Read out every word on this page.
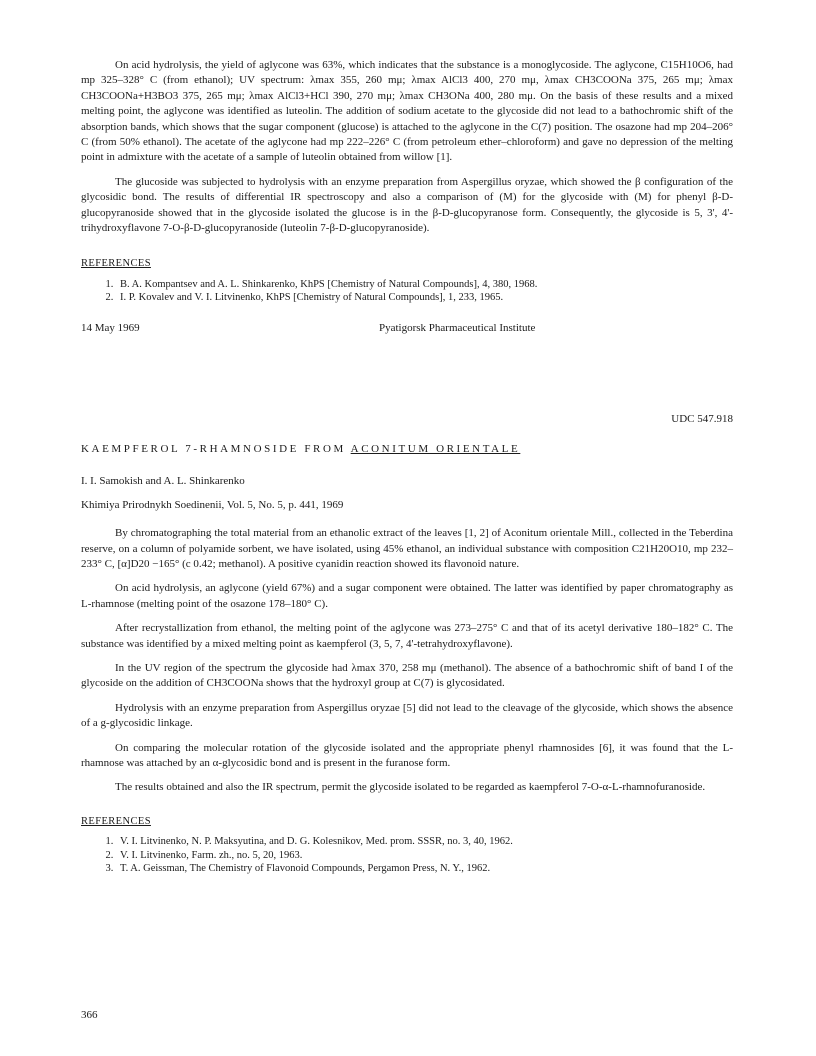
On acid hydrolysis, the yield of aglycone was 63%, which indicates that the substance is a monoglycoside. The aglycone, C15H10O6, had mp 325–328° C (from ethanol); UV spectrum: λmax 355, 260 mμ; λmax AlCl3 400, 270 mμ, λmax CH3COONa 375, 265 mμ; λmax CH3COONa+H3BO3 375, 265 mμ; λmax AlCl3+HCl 390, 270 mμ; λmax CH3ONa 400, 280 mμ. On the basis of these results and a mixed melting point, the aglycone was identified as luteolin. The addition of sodium acetate to the glycoside did not lead to a bathochromic shift of the absorption bands, which shows that the sugar component (glucose) is attached to the aglycone in the C(7) position. The osazone had mp 204–206° C (from 50% ethanol). The acetate of the aglycone had mp 222–226° C (from petroleum ether–chloroform) and gave no depression of the melting point in admixture with the acetate of a sample of luteolin obtained from willow [1].

The glucoside was subjected to hydrolysis with an enzyme preparation from Aspergillus oryzae, which showed the β configuration of the glycosidic bond. The results of differential IR spectroscopy and also a comparison of (M) for the glycoside with (M) for phenyl β-D-glucopyranoside showed that in the glycoside isolated the glucose is in the β-D-glucopyranose form. Consequently, the glycoside is 5, 3', 4'-trihydroxyflavone 7-O-β-D-glucopyranoside (luteolin 7-β-D-glucopyranoside).

REFERENCES

1. B. A. Kompantsev and A. L. Shinkarenko, KhPS [Chemistry of Natural Compounds], 4, 380, 1968.
2. I. P. Kovalev and V. I. Litvinenko, KhPS [Chemistry of Natural Compounds], 1, 233, 1965.
14 May 1969	Pyatigorsk Pharmaceutical Institute
UDC 547.918

KAEMPFEROL 7-RHAMNOSIDE FROM ACONITUM ORIENTALE

I. I. Samokish and A. L. Shinkarenko

Khimiya Prirodnykh Soedinenii, Vol. 5, No. 5, p. 441, 1969

By chromatographing the total material from an ethanolic extract of the leaves [1, 2] of Aconitum orientale Mill., collected in the Teberdina reserve, on a column of polyamide sorbent, we have isolated, using 45% ethanol, an individual substance with composition C21H20O10, mp 232–233° C, [α]D20 −165° (c 0.42; methanol). A positive cyanidin reaction showed its flavonoid nature.

On acid hydrolysis, an aglycone (yield 67%) and a sugar component were obtained. The latter was identified by paper chromatography as L-rhamnose (melting point of the osazone 178–180° C).

After recrystallization from ethanol, the melting point of the aglycone was 273–275° C and that of its acetyl derivative 180–182° C. The substance was identified by a mixed melting point as kaempferol (3, 5, 7, 4'-tetrahydroxyflavone).

In the UV region of the spectrum the glycoside had λmax 370, 258 mμ (methanol). The absence of a bathochromic shift of band I of the glycoside on the addition of CH3COONa shows that the hydroxyl group at C(7) is glycosidated.

Hydrolysis with an enzyme preparation from Aspergillus oryzae [5] did not lead to the cleavage of the glycoside, which shows the absence of a g-glycosidic linkage.

On comparing the molecular rotation of the glycoside isolated and the appropriate phenyl rhamnosides [6], it was found that the L-rhamnose was attached by an α-glycosidic bond and is present in the furanose form.

The results obtained and also the IR spectrum, permit the glycoside isolated to be regarded as kaempferol 7-O-α-L-rhamnofuranoside.

REFERENCES

1. V. I. Litvinenko, N. P. Maksyutina, and D. G. Kolesnikov, Med. prom. SSSR, no. 3, 40, 1962.
2. V. I. Litvinenko, Farm. zh., no. 5, 20, 1963.
3. T. A. Geissman, The Chemistry of Flavonoid Compounds, Pergamon Press, N. Y., 1962.
366
